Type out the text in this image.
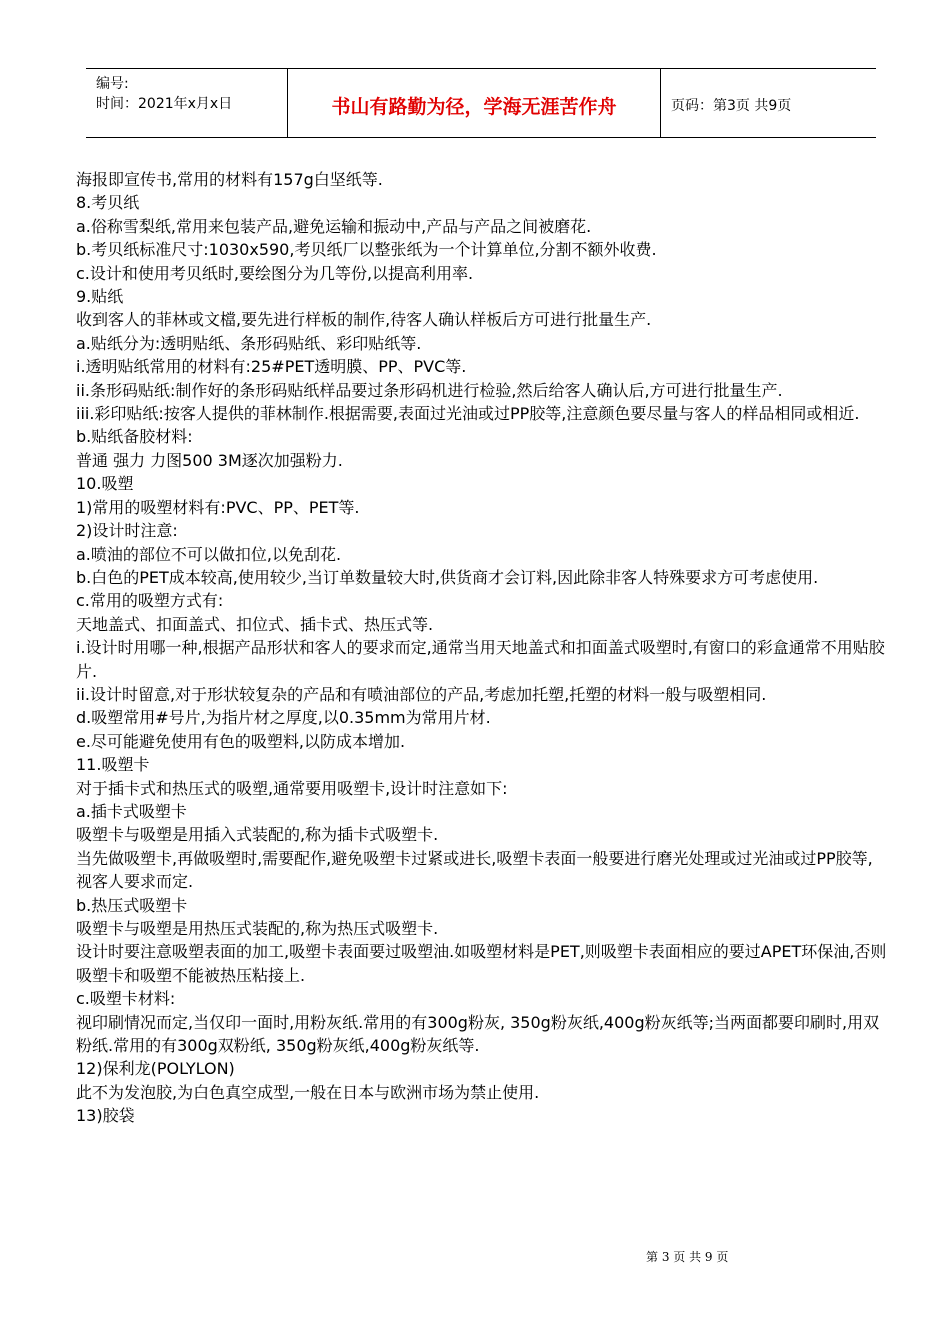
编号:
时间：2021年x月x日	书山有路勤为径，学海无涯苦作舟	页码：第3页 共9页

海报即宣传书,常用的材料有157g白坚纸等.

8.考贝纸

a.俗称雪梨纸,常用来包装产品,避免运输和振动中,产品与产品之间被磨花.

b.考贝纸标准尺寸:1030x590,考贝纸厂以整张纸为一个计算单位,分割不额外收费.

c.设计和使用考贝纸时,要绘图分为几等份,以提高利用率.

9.贴纸

收到客人的菲林或文檔,要先进行样板的制作,待客人确认样板后方可进行批量生产.

a.贴纸分为:透明贴纸、条形码贴纸、彩印贴纸等.

i.透明贴纸常用的材料有:25#PET透明膜、PP、PVC等.

ii.条形码贴纸:制作好的条形码贴纸样品要过条形码机进行检验,然后给客人确认后,方可进行批量生产.

iii.彩印贴纸:按客人提供的菲林制作.根据需要,表面过光油或过PP胶等,注意颜色要尽量与客人的样品相同或相近.

b.贴纸备胶材料:

普通 强力 力图500 3M逐次加强粉力.

10.吸塑

1)常用的吸塑材料有:PVC、PP、PET等.

2)设计时注意:

a.喷油的部位不可以做扣位,以免刮花.

b.白色的PET成本较高,使用较少,当订单数量较大时,供货商才会订料,因此除非客人特殊要求方可考虑使用.

c.常用的吸塑方式有:

天地盖式、扣面盖式、扣位式、插卡式、热压式等.

i.设计时用哪一种,根据产品形状和客人的要求而定,通常当用天地盖式和扣面盖式吸塑时,有窗口的彩盒通常不用贴胶片.

ii.设计时留意,对于形状较复杂的产品和有喷油部位的产品,考虑加托塑,托塑的材料一般与吸塑相同.

d.吸塑常用#号片,为指片材之厚度,以0.35mm为常用片材.

e.尽可能避免使用有色的吸塑料,以防成本增加.

11.吸塑卡

对于插卡式和热压式的吸塑,通常要用吸塑卡,设计时注意如下:

a.插卡式吸塑卡

吸塑卡与吸塑是用插入式装配的,称为插卡式吸塑卡.

当先做吸塑卡,再做吸塑时,需要配作,避免吸塑卡过紧或进长,吸塑卡表面一般要进行磨光处理或过光油或过PP胶等,视客人要求而定.

b.热压式吸塑卡

吸塑卡与吸塑是用热压式装配的,称为热压式吸塑卡.

设计时要注意吸塑表面的加工,吸塑卡表面要过吸塑油.如吸塑材料是PET,则吸塑卡表面相应的要过APET环保油,否则吸塑卡和吸塑不能被热压粘接上.

c.吸塑卡材料:

视印刷情况而定,当仅印一面时,用粉灰纸.常用的有300g粉灰, 350g粉灰纸,400g粉灰纸等;当两面都要印刷时,用双粉纸.常用的有300g双粉纸, 350g粉灰纸,400g粉灰纸等.

12)保利龙(POLYLON)

此不为发泡胶,为白色真空成型,一般在日本与欧洲市场为禁止使用.

13)胶袋

第 3 页 共 9 页
